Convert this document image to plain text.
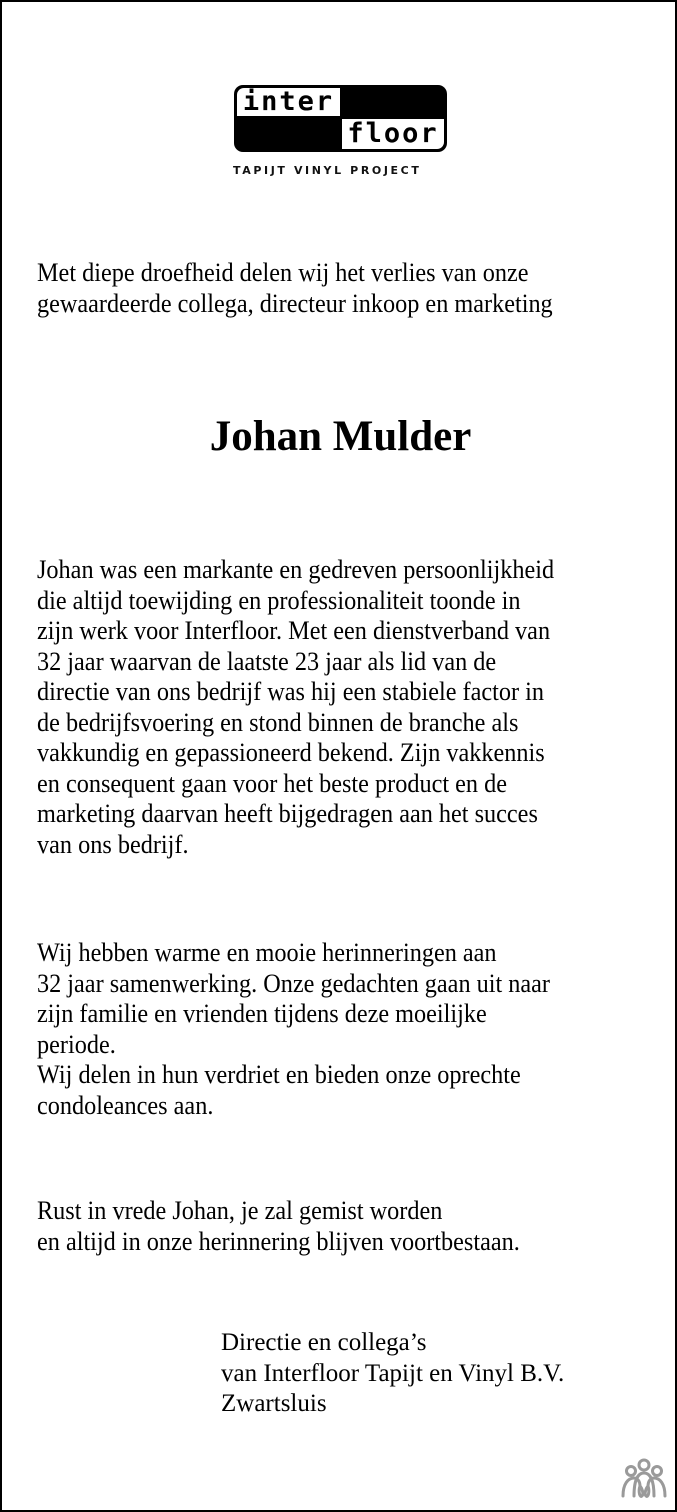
inter
floor
TAPIJT VINYL PROJECT
Met diepe droefheid delen wij het verlies van onze
gewaardeerde collega, directeur inkoop en marketing
Johan Mulder
Johan was een markante en gedreven persoonlijkheid
die altijd toewijding en professionaliteit toonde in
zijn werk voor Interfloor. Met een dienstverband van
32 jaar waarvan de laatste 23 jaar als lid van de
directie van ons bedrijf was hij een stabiele factor in
de bedrijfsvoering en stond binnen de branche als
vakkundig en gepassioneerd bekend. Zijn vakkennis
en consequent gaan voor het beste product en de
marketing daarvan heeft bijgedragen aan het succes
van ons bedrijf.
Wij hebben warme en mooie herinneringen aan
32 jaar samenwerking. Onze gedachten gaan uit naar
zijn familie en vrienden tijdens deze moeilijke
periode.
Wij delen in hun verdriet en bieden onze oprechte
condoleances aan.
Rust in vrede Johan, je zal gemist worden
en altijd in onze herinnering blijven voortbestaan.
Directie en collega’s
van Interfloor Tapijt en Vinyl B.V.
Zwartsluis
